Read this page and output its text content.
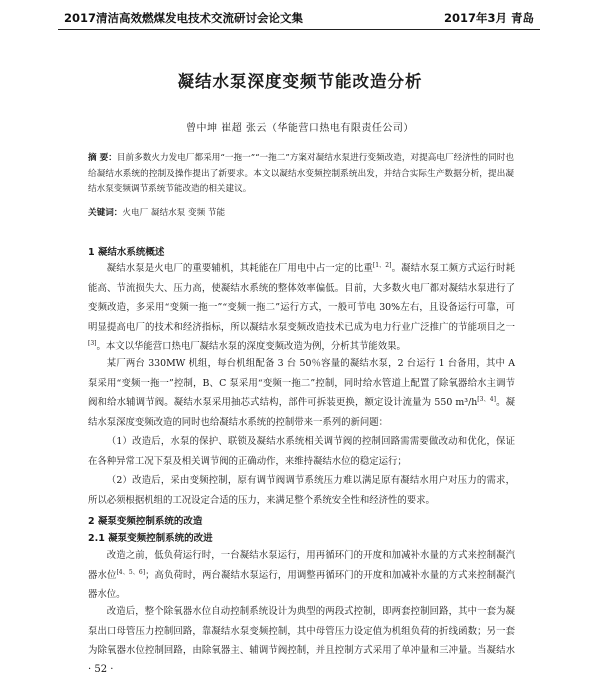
2017清洁高效燃煤发电技术交流研讨会论文集	2017年3月 青岛
凝结水泵深度变频节能改造分析
曾中坤 崔超 张云（华能营口热电有限责任公司）
摘 要：目前多数火力发电厂都采用“一拖一”“一拖二”方案对凝结水泵进行变频改造，对提高电厂经济性的同时也给凝结水系统的控制及操作提出了新要求。本文以凝结水变频控制系统出发，并结合实际生产数据分析，提出凝结水泵变频调节系统节能改造的相关建议。
关键词：火电厂 凝结水泵 变频 节能
1 凝结水系统概述
凝结水泵是火电厂的重要辅机，其耗能在厂用电中占一定的比重[1、2]。凝结水泵工频方式运行时耗能高、节流损失大、压力高，使凝结水系统的整体效率偏低。目前，大多数火电厂都对凝结水泵进行了变频改造，多采用“变频一拖一”“变频一拖二”运行方式，一般可节电 30%左右，且设备运行可靠，可明显提高电厂的技术和经济指标，所以凝结水泵变频改造技术已成为电力行业广泛推广的节能项目之一[3]。本文以华能营口热电厂凝结水泵的深度变频改造为例，分析其节能效果。
某厂两台 330MW 机组，每台机组配备 3 台 50％容量的凝结水泵，2 台运行 1 台备用，其中 A 泵采用“变频一拖一”控制，B、C 泵采用“变频一拖二”控制，同时给水管道上配置了除氧器给水主调节阀和给水辅调节阀。凝结水泵采用抽芯式结构，部件可拆装更换，额定设计流量为 550 m³/h[3、4]。凝结水泵深度变频改造的同时也给凝结水系统的控制带来一系列的新问题：
（1）改造后，水泵的保护、联锁及凝结水系统相关调节阀的控制回路需需要做改动和优化，保证在各种异常工况下泵及相关调节阀的正确动作，来维持凝结水位的稳定运行；
（2）改造后，采由变频控制，原有调节阀调节系统压力难以满足原有凝结水用户对压力的需求，所以必须根据机组的工况设定合适的压力，来满足整个系统安全性和经济性的要求。
2 凝泵变频控制系统的改造
2.1 凝泵变频控制系统的改进
改造之前，低负荷运行时，一台凝结水泵运行，用再循环门的开度和加减补水量的方式来控制凝汽器水位[4、5、6]；高负荷时，两台凝结水泵运行，用调整再循环门的开度和加减补水量的方式来控制凝汽器水位。
改造后，整个除氧器水位自动控制系统设计为典型的两段式控制，即两套控制回路，其中一套为凝泵出口母管压力控制回路，靠凝结水泵变频控制，其中母管压力设定值为机组负荷的折线函数；另一套为除氧器水位控制回路，由除氧器主、辅调节阀控制，并且控制方式采用了单冲量和三冲量。当凝结水
· 52 ·
